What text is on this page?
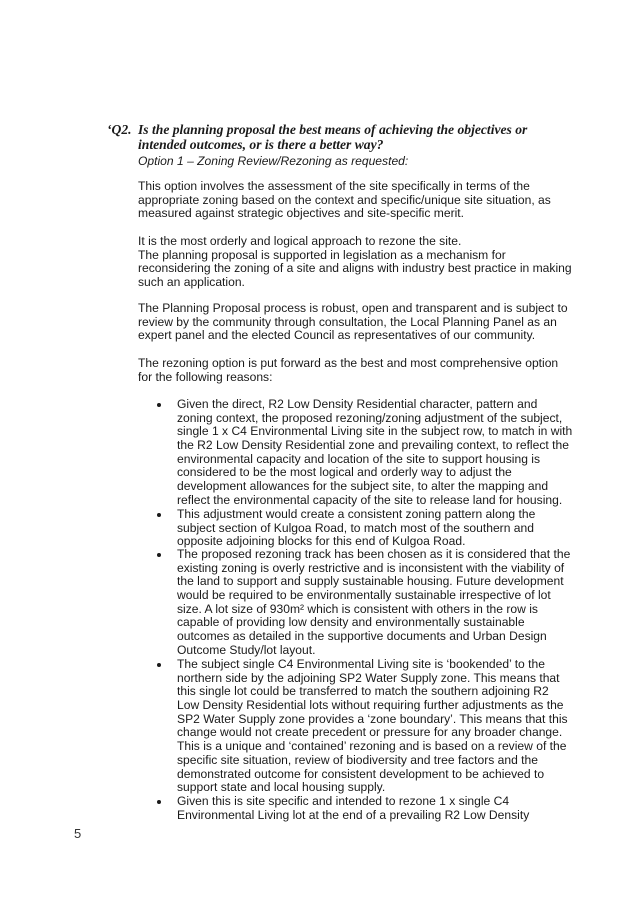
‘Q2. Is the planning proposal the best means of achieving the objectives or
intended outcomes, or is there a better way?
Option 1 – Zoning Review/Rezoning as requested:
This option involves the assessment of the site specifically in terms of the
appropriate zoning based on the context and specific/unique site situation, as
measured against strategic objectives and site-specific merit.
It is the most orderly and logical approach to rezone the site.
The planning proposal is supported in legislation as a mechanism for
reconsidering the zoning of a site and aligns with industry best practice in making
such an application.
The Planning Proposal process is robust, open and transparent and is subject to
review by the community through consultation, the Local Planning Panel as an
expert panel and the elected Council as representatives of our community.
The rezoning option is put forward as the best and most comprehensive option
for the following reasons:
Given the direct, R2 Low Density Residential character, pattern and
zoning context, the proposed rezoning/zoning adjustment of the subject,
single 1 x C4 Environmental Living site in the subject row, to match in with
the R2 Low Density Residential zone and prevailing context, to reflect the
environmental capacity and location of the site to support housing is
considered to be the most logical and orderly way to adjust the
development allowances for the subject site, to alter the mapping and
reflect the environmental capacity of the site to release land for housing.
This adjustment would create a consistent zoning pattern along the
subject section of Kulgoa Road, to match most of the southern and
opposite adjoining blocks for this end of Kulgoa Road.
The proposed rezoning track has been chosen as it is considered that the
existing zoning is overly restrictive and is inconsistent with the viability of
the land to support and supply sustainable housing. Future development
would be required to be environmentally sustainable irrespective of lot
size. A lot size of 930m² which is consistent with others in the row is
capable of providing low density and environmentally sustainable
outcomes as detailed in the supportive documents and Urban Design
Outcome Study/lot layout.
The subject single C4 Environmental Living site is ‘bookended’ to the
northern side by the adjoining SP2 Water Supply zone. This means that
this single lot could be transferred to match the southern adjoining R2
Low Density Residential lots without requiring further adjustments as the
SP2 Water Supply zone provides a ‘zone boundary’. This means that this
change would not create precedent or pressure for any broader change.
This is a unique and ‘contained’ rezoning and is based on a review of the
specific site situation, review of biodiversity and tree factors and the
demonstrated outcome for consistent development to be achieved to
support state and local housing supply.
Given this is site specific and intended to rezone 1 x single C4
Environmental Living lot at the end of a prevailing R2 Low Density
5
